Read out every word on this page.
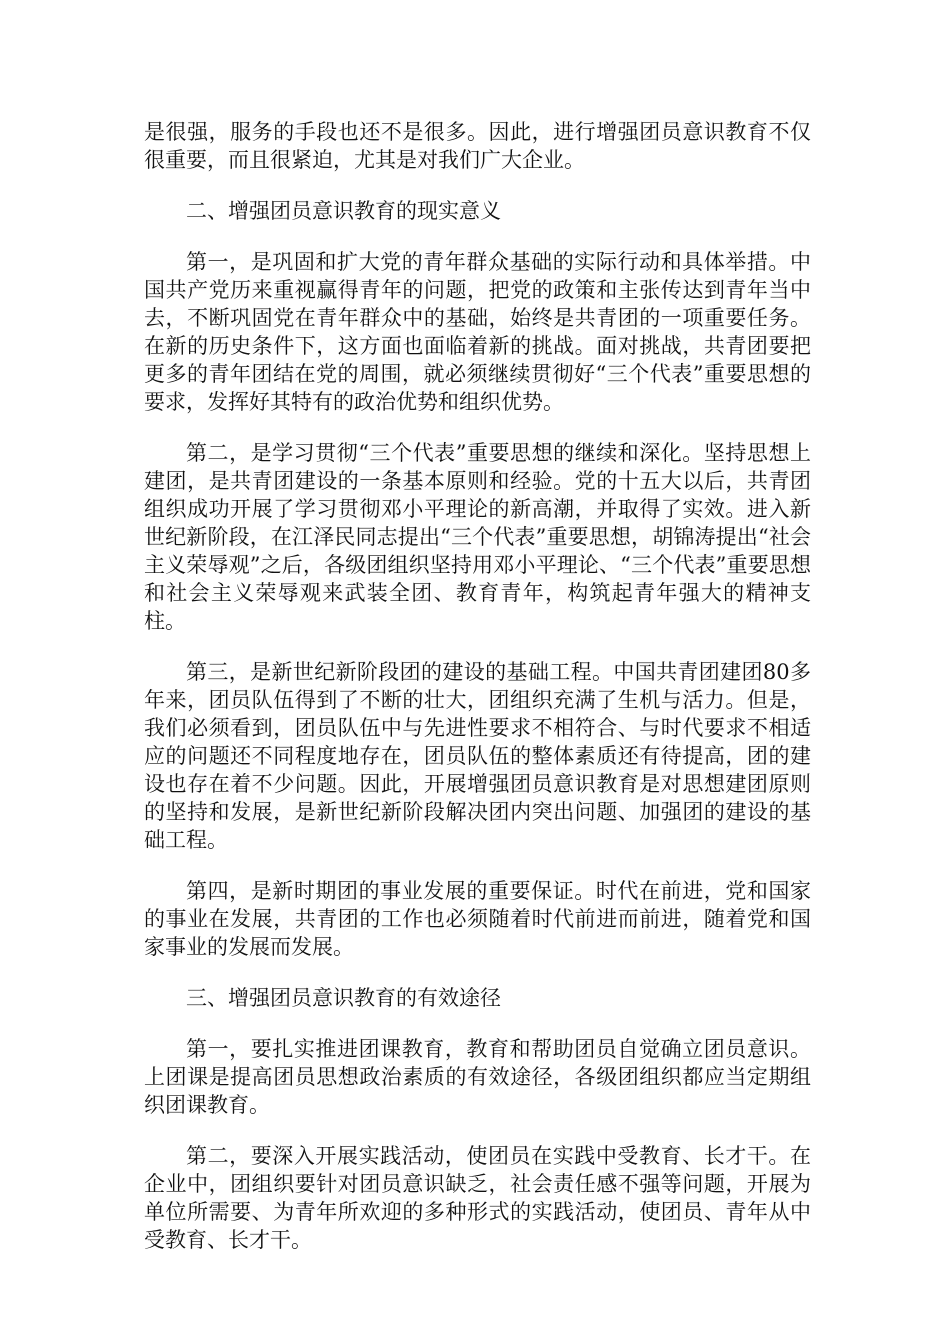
是很强，服务的手段也还不是很多。因此，进行增强团员意识教育不仅很重要，而且很紧迫，尤其是对我们广大企业。

二、增强团员意识教育的现实意义

第一，是巩固和扩大党的青年群众基础的实际行动和具体举措。中国共产党历来重视赢得青年的问题，把党的政策和主张传达到青年当中去，不断巩固党在青年群众中的基础，始终是共青团的一项重要任务。在新的历史条件下，这方面也面临着新的挑战。面对挑战，共青团要把更多的青年团结在党的周围，就必须继续贯彻好“三个代表”重要思想的要求，发挥好其特有的政治优势和组织优势。

第二，是学习贯彻“三个代表”重要思想的继续和深化。坚持思想上建团，是共青团建设的一条基本原则和经验。党的十五大以后，共青团组织成功开展了学习贯彻邓小平理论的新高潮，并取得了实效。进入新世纪新阶段，在江泽民同志提出“三个代表”重要思想，胡锦涛提出“社会主义荣辱观”之后，各级团组织坚持用邓小平理论、“三个代表”重要思想和社会主义荣辱观来武装全团、教育青年，构筑起青年强大的精神支柱。

第三，是新世纪新阶段团的建设的基础工程。中国共青团建团80多年来，团员队伍得到了不断的壮大，团组织充满了生机与活力。但是，我们必须看到，团员队伍中与先进性要求不相符合、与时代要求不相适应的问题还不同程度地存在，团员队伍的整体素质还有待提高，团的建设也存在着不少问题。因此，开展增强团员意识教育是对思想建团原则的坚持和发展，是新世纪新阶段解决团内突出问题、加强团的建设的基础工程。

第四，是新时期团的事业发展的重要保证。时代在前进，党和国家的事业在发展，共青团的工作也必须随着时代前进而前进，随着党和国家事业的发展而发展。

三、增强团员意识教育的有效途径

第一，要扎实推进团课教育，教育和帮助团员自觉确立团员意识。上团课是提高团员思想政治素质的有效途径，各级团组织都应当定期组织团课教育。

第二，要深入开展实践活动，使团员在实践中受教育、长才干。在企业中，团组织要针对团员意识缺乏，社会责任感不强等问题，开展为单位所需要、为青年所欢迎的多种形式的实践活动，使团员、青年从中受教育、长才干。
